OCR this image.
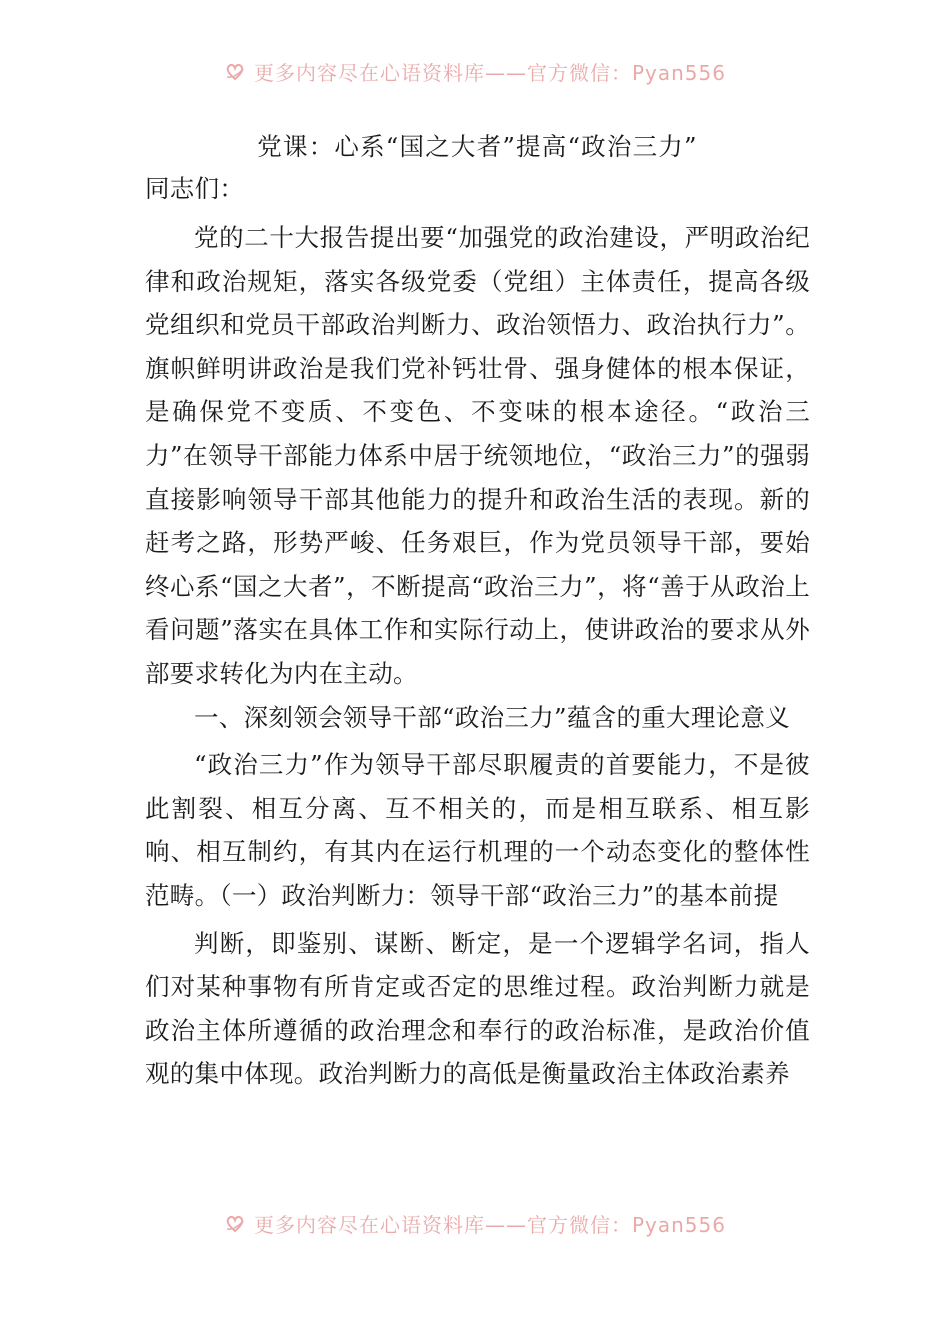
更多内容尽在心语资料库——官方微信：Pyan556
党课：心系“国之大者”提高“政治三力”

同志们：

党的二十大报告提出要“加强党的政治建设，严明政治纪律和政治规矩，落实各级党委（党组）主体责任，提高各级党组织和党员干部政治判断力、政治领悟力、政治执行力”。旗帜鲜明讲政治是我们党补钙壮骨、强身健体的根本保证，是确保党不变质、不变色、不变味的根本途径。“政治三力”在领导干部能力体系中居于统领地位，“政治三力”的强弱直接影响领导干部其他能力的提升和政治生活的表现。新的赶考之路，形势严峻、任务艰巨，作为党员领导干部，要始终心系“国之大者”，不断提高“政治三力”，将“善于从政治上看问题”落实在具体工作和实际行动上，使讲政治的要求从外部要求转化为内在主动。

一、深刻领会领导干部“政治三力”蕴含的重大理论意义

“政治三力”作为领导干部尽职履责的首要能力，不是彼此割裂、相互分离、互不相关的，而是相互联系、相互影响、相互制约，有其内在运行机理的一个动态变化的整体性范畴。（一）政治判断力：领导干部“政治三力”的基本前提

判断，即鉴别、谋断、断定，是一个逻辑学名词，指人们对某种事物有所肯定或否定的思维过程。政治判断力就是政治主体所遵循的政治理念和奉行的政治标准，是政治价值观的集中体现。政治判断力的高低是衡量政治主体政治素养

更多内容尽在心语资料库——官方微信：Pyan556
